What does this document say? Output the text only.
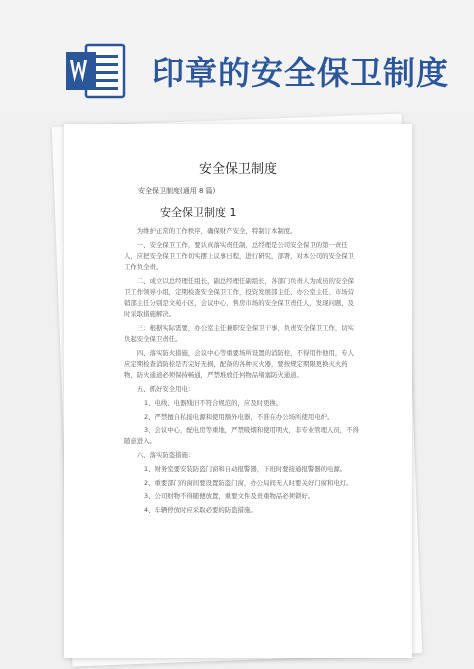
印章的安全保卫制度
安全保卫制度
安全保卫制度(通用 8 篇)
安全保卫制度 1

为维护正常的工作秩序，确保财产安全，特制订本制度。

一、安全保卫工作，要认真落实责任制，总经理是公司安全保卫的第一责任人，应把安全保卫工作切实摆上议事日程，进行研究，部署，对本公司的安全保卫工作负全责。

二、成立以总经理任组长，副总经理任副组长，各部门负责人为成员的安全保卫工作领导小组，定期检查安全保卫工作，投资发展部主任、办公室主任、市场营销部主任分别是文苑小区，会议中心，售房市场的安全保卫责任人，发现问题，及时采取措施解决。

三：根据实际需要，办公室主任兼职安全保卫干事，负责安全保卫工作，切实负起安全保卫责任。

四、落实防火措施，会议中心等重要场所设置的消防栓，不得用作他用，专人应定期检查消防栓是否完好无损，配备的各种灭火器，要按规定期限更换灭火药物，防火通道必须保持畅通，严禁堆放任何物品堵塞防火通道。

五、抓好安全用电：

1、电线、电器残旧不符合规范的，应及时更换。

2、严禁擅自私接电源和使用额外电器，不准在办公场所使用电炉。

3、会议中心，配电房等重地，严禁吸烟和使用明火，非专业管理人员，不得随意进入。

六、落实防盗措施：

1、财务室要安装防盗门窗和自动报警器，下班时要接通报警器的电源。

2、重要部门的窗间要设置防盗门窗，办公局间无人时要关好门窗和电灯。

3、公司财物不得随便放置，重要文件及贵重物品必须锁好。

4、车辆停放时应采取必要的防盗措施。
